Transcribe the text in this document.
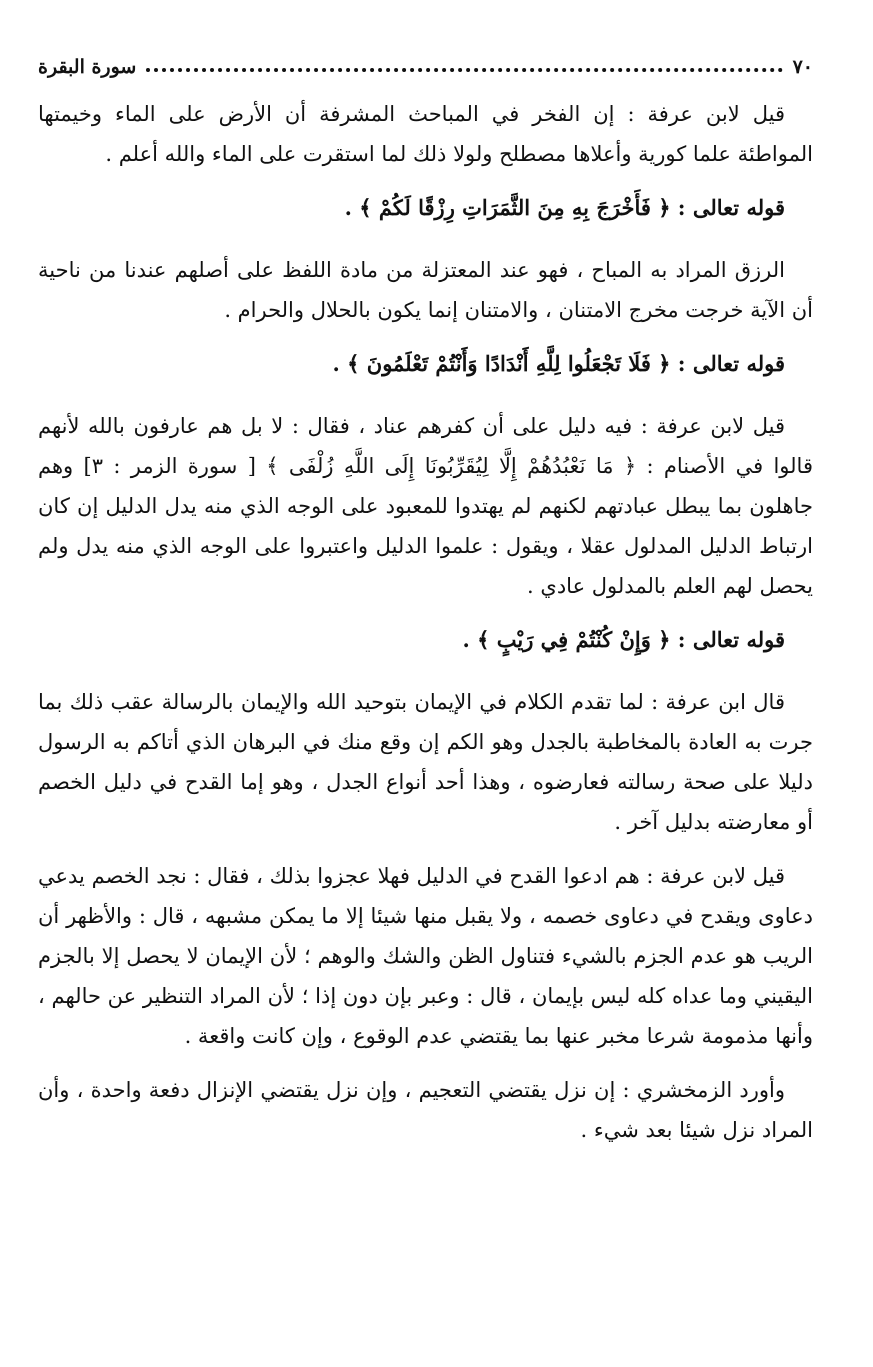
٧٠
سورة البقرة

قيل لابن عرفة : إن الفخر في المباحث المشرفة أن الأرض على الماء وخيمتها المواطئة علما كورية وأعلاها مصطلح ولولا ذلك لما استقرت على الماء والله أعلم .

قوله تعالى : ﴿ فَأَخْرَجَ بِهِ مِنَ الثَّمَرَاتِ رِزْقًا لَكُمْ ﴾ .

الرزق المراد به المباح ، فهو عند المعتزلة من مادة اللفظ على أصلهم عندنا من ناحية أن الآية خرجت مخرج الامتنان ، والامتنان إنما يكون بالحلال والحرام .

قوله تعالى : ﴿ فَلَا تَجْعَلُوا لِلَّهِ أَنْدَادًا وَأَنْتُمْ تَعْلَمُونَ ﴾ .

قيل لابن عرفة : فيه دليل على أن كفرهم عناد ، فقال : لا بل هم عارفون بالله لأنهم قالوا في الأصنام : ﴿ مَا نَعْبُدُهُمْ إِلَّا لِيُقَرِّبُونَا إِلَى اللَّهِ زُلْفَى ﴾ [ سورة الزمر : ٣] وهم جاهلون بما يبطل عبادتهم لكنهم لم يهتدوا للمعبود على الوجه الذي منه يدل الدليل إن كان ارتباط الدليل المدلول عقلا ، ويقول : علموا الدليل واعتبروا على الوجه الذي منه يدل ولم يحصل لهم العلم بالمدلول عادي .

قوله تعالى : ﴿ وَإِنْ كُنْتُمْ فِي رَيْبٍ ﴾ .

قال ابن عرفة : لما تقدم الكلام في الإيمان بتوحيد الله والإيمان بالرسالة عقب ذلك بما جرت به العادة بالمخاطبة بالجدل وهو الكم إن وقع منك في البرهان الذي أتاكم به الرسول دليلا على صحة رسالته فعارضوه ، وهذا أحد أنواع الجدل ، وهو إما القدح في دليل الخصم أو معارضته بدليل آخر .

قيل لابن عرفة : هم ادعوا القدح في الدليل فهلا عجزوا بذلك ، فقال : نجد الخصم يدعي دعاوى ويقدح في دعاوى خصمه ، ولا يقبل منها شيئا إلا ما يمكن مشبهه ، قال : والأظهر أن الريب هو عدم الجزم بالشيء فتناول الظن والشك والوهم ؛ لأن الإيمان لا يحصل إلا بالجزم اليقيني وما عداه كله ليس بإيمان ، قال : وعبر بإن دون إذا ؛ لأن المراد التنظير عن حالهم ، وأنها مذمومة شرعا مخبر عنها بما يقتضي عدم الوقوع ، وإن كانت واقعة .

وأورد الزمخشري : إن نزل يقتضي التعجيم ، وإن نزل يقتضي الإنزال دفعة واحدة ، وأن المراد نزل شيئا بعد شيء .
